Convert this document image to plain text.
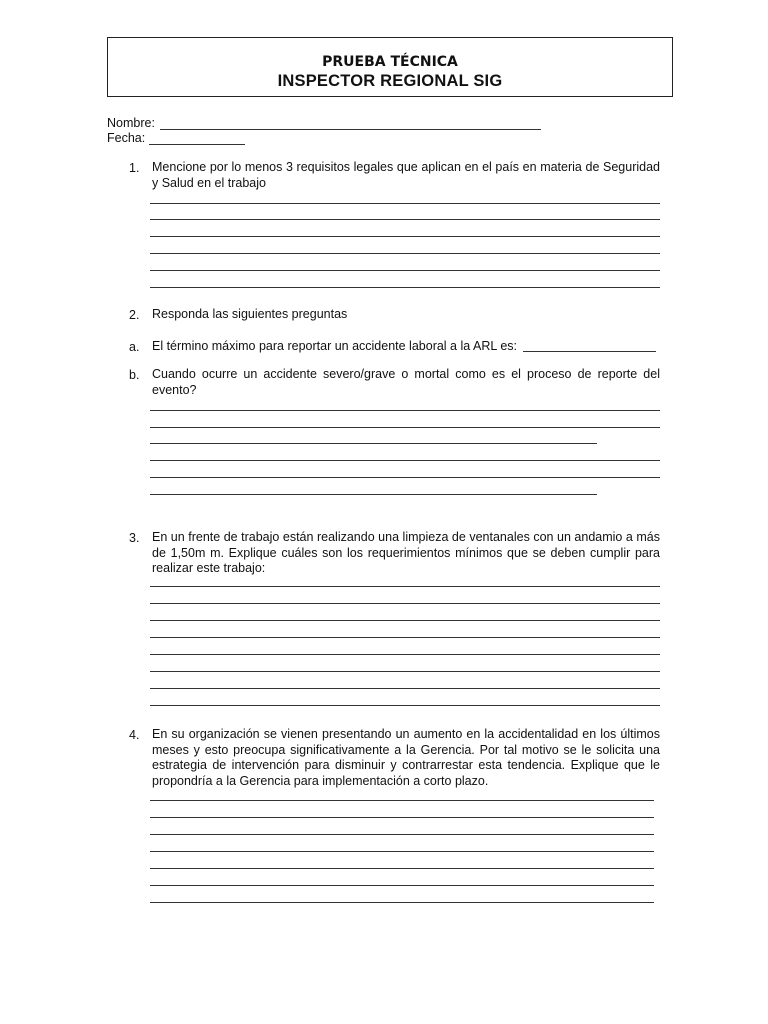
PRUEBA TÉCNICA
INSPECTOR REGIONAL SIG
Nombre:
Fecha:
1. Mencione por lo menos 3 requisitos legales que aplican en el país en materia de Seguridad y Salud en el trabajo
2. Responda las siguientes preguntas
a. El término máximo para reportar un accidente laboral a la ARL es:
b. Cuando ocurre un accidente severo/grave o mortal como es el proceso de reporte del evento?
3. En un frente de trabajo están realizando una limpieza de ventanales con un andamio a más de 1,50m m. Explique cuáles son los requerimientos mínimos que se deben cumplir para realizar este trabajo:
4. En su organización se vienen presentando un aumento en la accidentalidad en los últimos meses y esto preocupa significativamente a la Gerencia. Por tal motivo se le solicita una estrategia de intervención para disminuir y contrarrestar esta tendencia. Explique que le propondría a la Gerencia para implementación a corto plazo.
